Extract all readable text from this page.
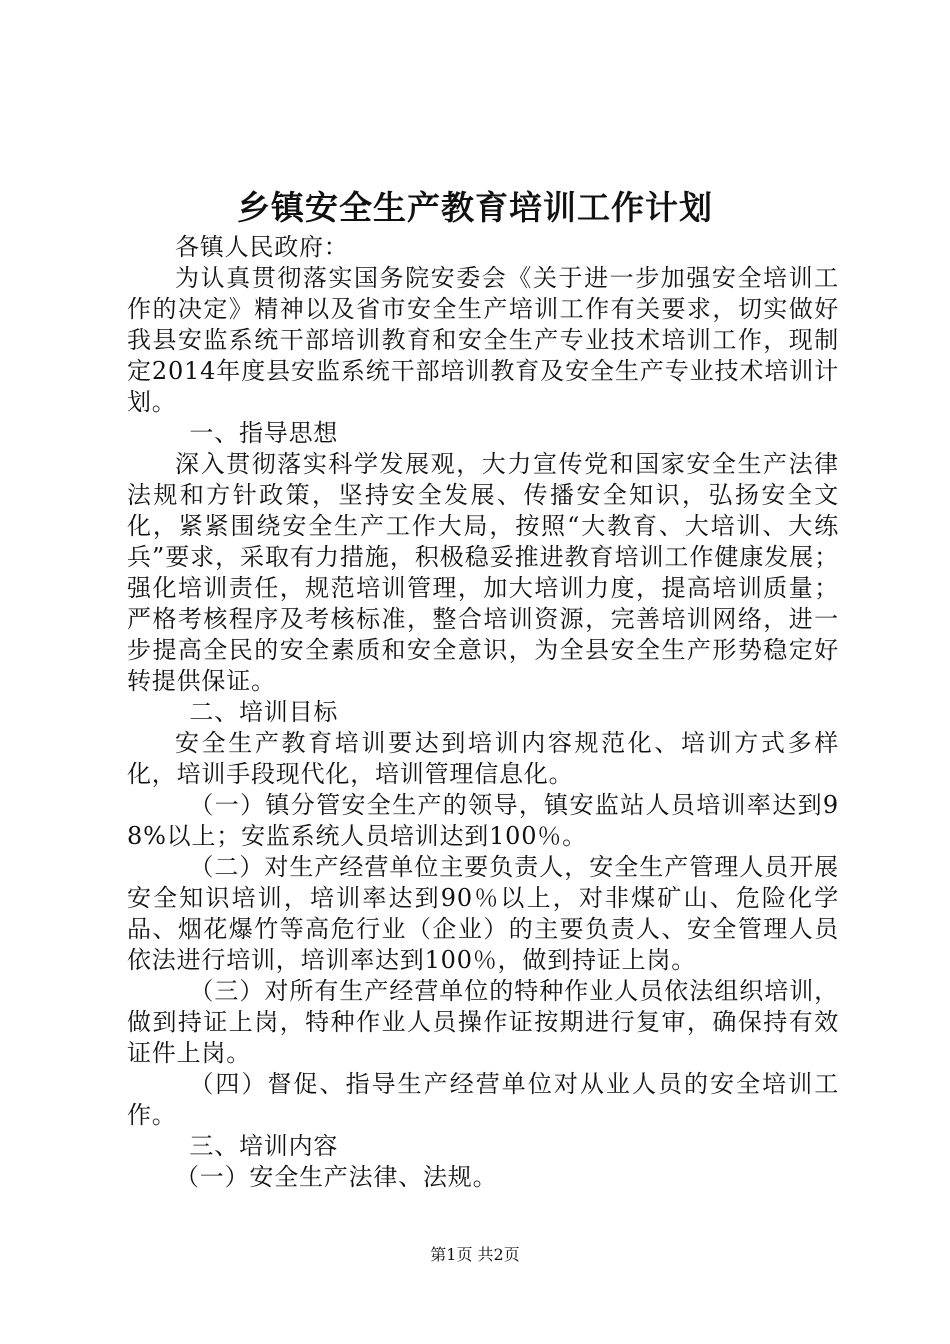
乡镇安全生产教育培训工作计划

各镇人民政府：

为认真贯彻落实国务院安委会《关于进一步加强安全培训工作的决定》精神以及省市安全生产培训工作有关要求，切实做好我县安监系统干部培训教育和安全生产专业技术培训工作，现制定2014年度县安监系统干部培训教育及安全生产专业技术培训计划。

一、指导思想

深入贯彻落实科学发展观，大力宣传党和国家安全生产法律法规和方针政策，坚持安全发展、传播安全知识，弘扬安全文化，紧紧围绕安全生产工作大局，按照“大教育、大培训、大练兵”要求，采取有力措施，积极稳妥推进教育培训工作健康发展；强化培训责任，规范培训管理，加大培训力度，提高培训质量；严格考核程序及考核标准，整合培训资源，完善培训网络，进一步提高全民的安全素质和安全意识，为全县安全生产形势稳定好转提供保证。

二、培训目标

安全生产教育培训要达到培训内容规范化、培训方式多样化，培训手段现代化，培训管理信息化。

（一）镇分管安全生产的领导，镇安监站人员培训率达到98%以上；安监系统人员培训达到100％。

（二）对生产经营单位主要负责人，安全生产管理人员开展安全知识培训，培训率达到90％以上，对非煤矿山、危险化学品、烟花爆竹等高危行业（企业）的主要负责人、安全管理人员依法进行培训，培训率达到100％，做到持证上岗。

（三）对所有生产经营单位的特种作业人员依法组织培训，做到持证上岗，特种作业人员操作证按期进行复审，确保持有效证件上岗。

（四）督促、指导生产经营单位对从业人员的安全培训工作。

三、培训内容

（一）安全生产法律、法规。

第1页 共2页
